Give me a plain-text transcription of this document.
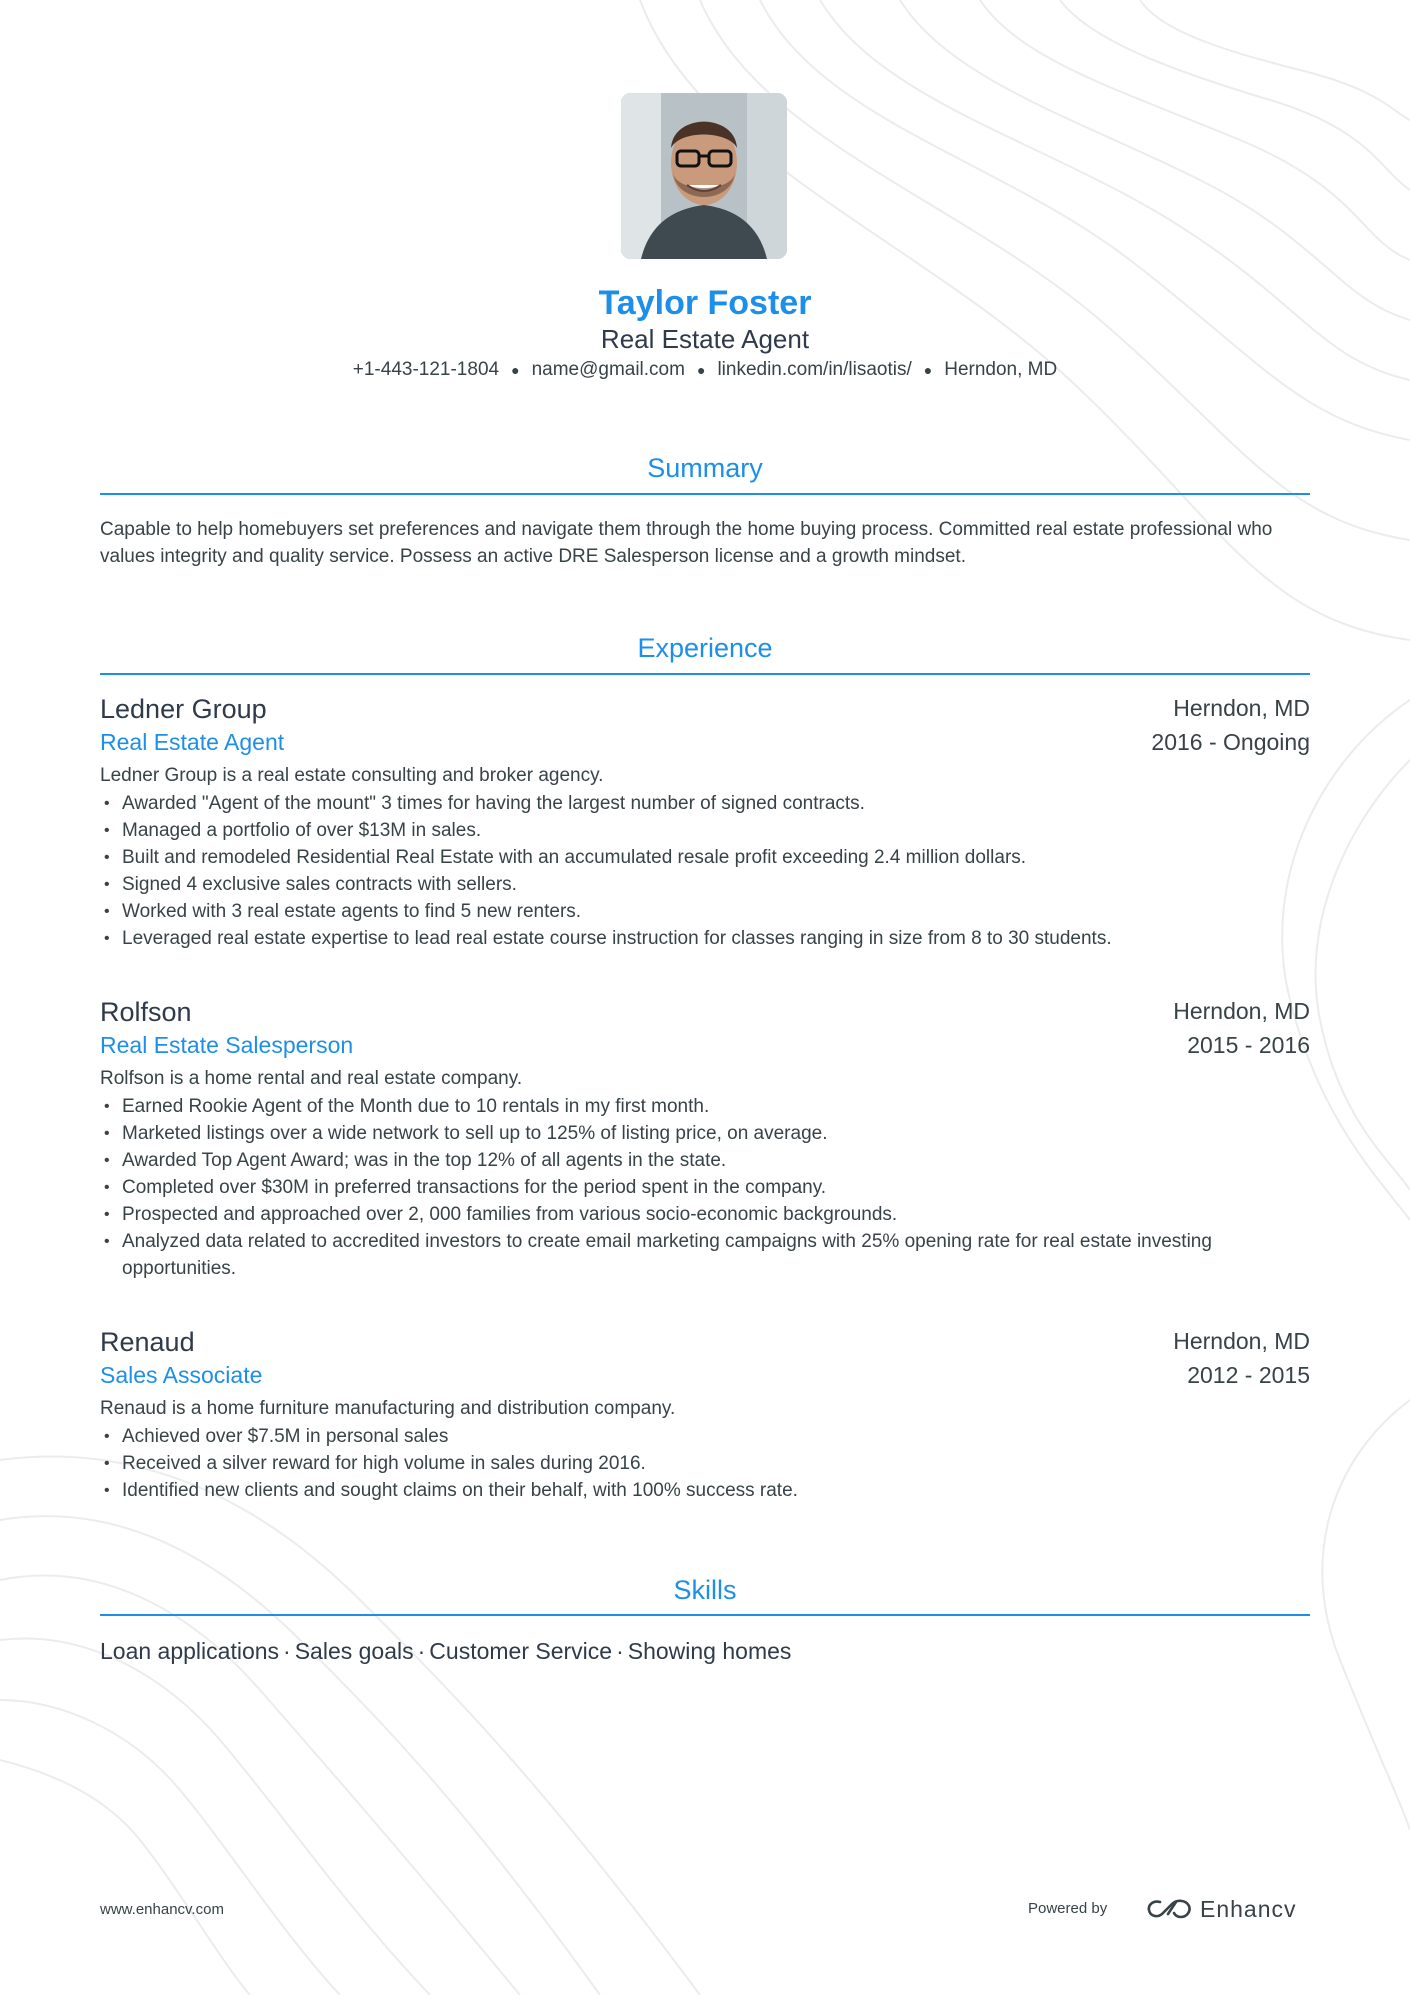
Taylor Foster
Real Estate Agent
+1-443-121-1804 ● name@gmail.com ● linkedin.com/in/lisaotis/ ● Herndon, MD
Summary
Capable to help homebuyers set preferences and navigate them through the home buying process. Committed real estate professional who values integrity and quality service. Possess an active DRE Salesperson license and a growth mindset.
Experience
Ledner Group	Herndon, MD
Real Estate Agent	2016 - Ongoing
Ledner Group is a real estate consulting and broker agency.
• Awarded "Agent of the mount" 3 times for having the largest number of signed contracts.
• Managed a portfolio of over $13M in sales.
• Built and remodeled Residential Real Estate with an accumulated resale profit exceeding 2.4 million dollars.
• Signed 4 exclusive sales contracts with sellers.
• Worked with 3 real estate agents to find 5 new renters.
• Leveraged real estate expertise to lead real estate course instruction for classes ranging in size from 8 to 30 students.
Rolfson	Herndon, MD
Real Estate Salesperson	2015 - 2016
Rolfson is a home rental and real estate company.
• Earned Rookie Agent of the Month due to 10 rentals in my first month.
• Marketed listings over a wide network to sell up to 125% of listing price, on average.
• Awarded Top Agent Award; was in the top 12% of all agents in the state.
• Completed over $30M in preferred transactions for the period spent in the company.
• Prospected and approached over 2, 000 families from various socio-economic backgrounds.
• Analyzed data related to accredited investors to create email marketing campaigns with 25% opening rate for real estate investing opportunities.
Renaud	Herndon, MD
Sales Associate	2012 - 2015
Renaud is a home furniture manufacturing and distribution company.
• Achieved over $7.5M in personal sales
• Received a silver reward for high volume in sales during 2016.
• Identified new clients and sought claims on their behalf, with 100% success rate.
Skills
Loan applications · Sales goals · Customer Service · Showing homes
www.enhancv.com	Powered by	Enhancv
